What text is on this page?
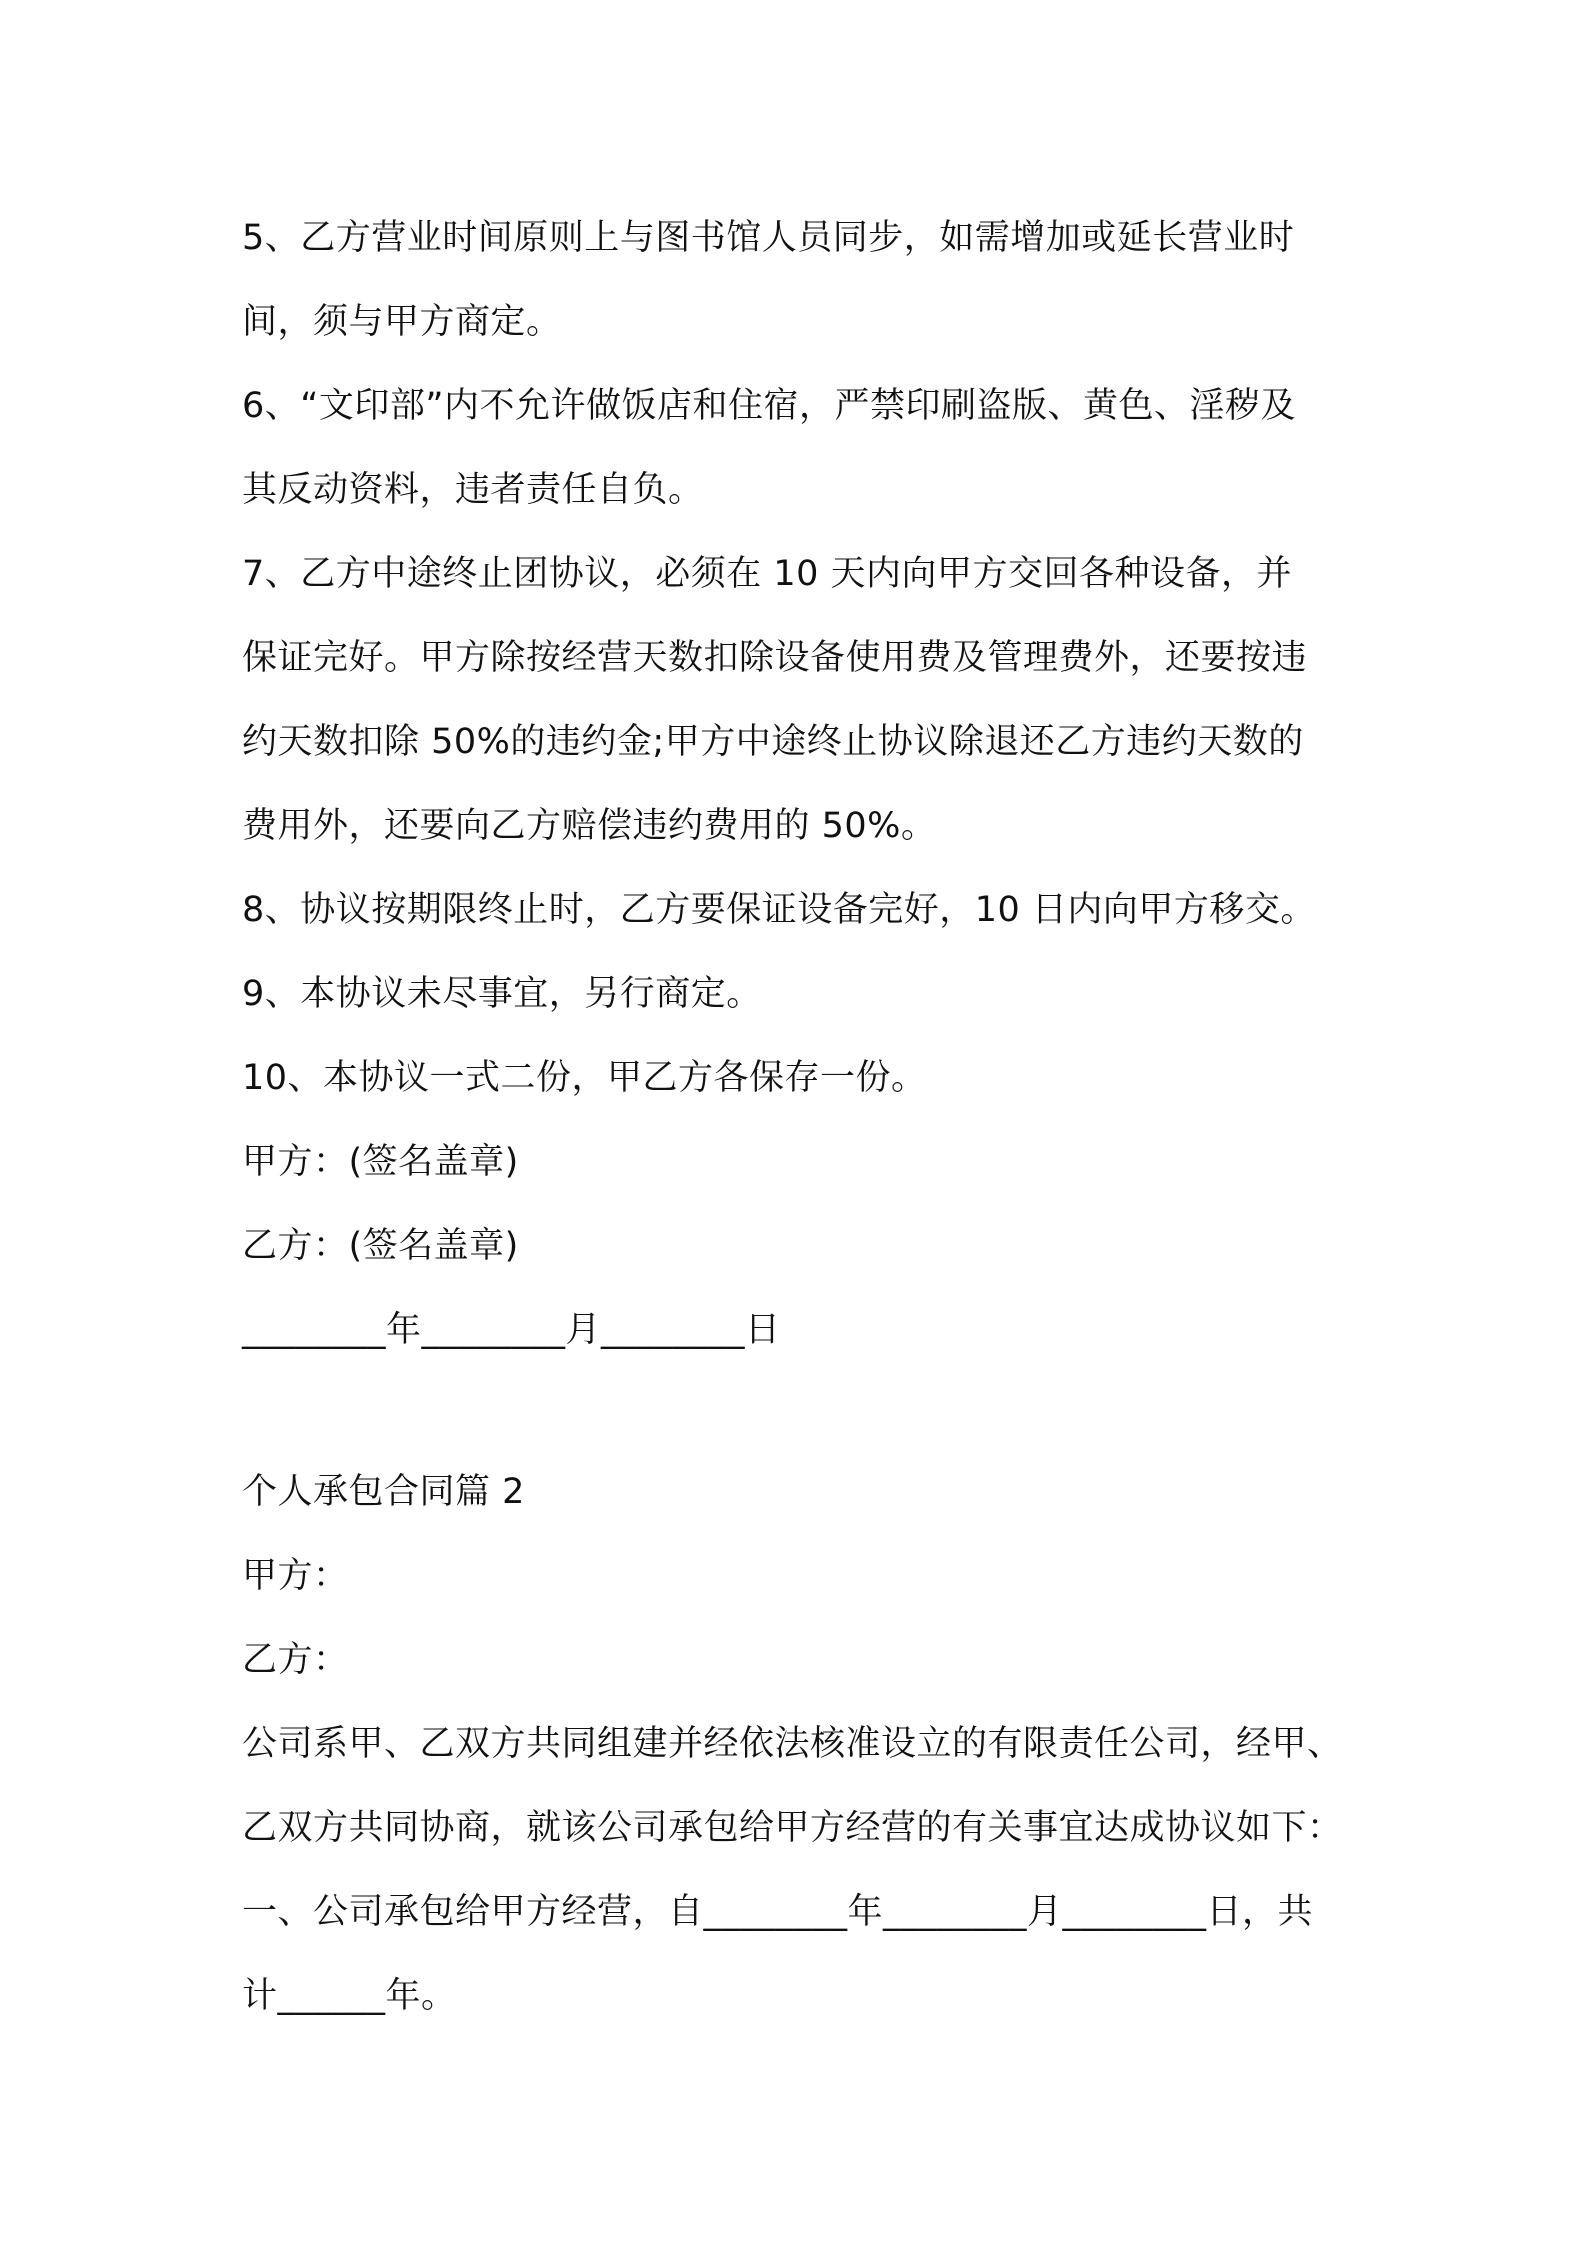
5、乙方营业时间原则上与图书馆人员同步，如需增加或延长营业时
间，须与甲方商定。
6、“文印部”内不允许做饭店和住宿，严禁印刷盗版、黄色、淫秽及
其反动资料，违者责任自负。
7、乙方中途终止团协议，必须在 10 天内向甲方交回各种设备，并
保证完好。甲方除按经营天数扣除设备使用费及管理费外，还要按违
约天数扣除 50%的违约金;甲方中途终止协议除退还乙方违约天数的
费用外，还要向乙方赔偿违约费用的 50%。
8、协议按期限终止时，乙方要保证设备完好，10 日内向甲方移交。
9、本协议未尽事宜，另行商定。
10、本协议一式二份，甲乙方各保存一份。
甲方：(签名盖章)
乙方：(签名盖章)
________年________月________日
个人承包合同篇 2
甲方：
乙方：
公司系甲、乙双方共同组建并经依法核准设立的有限责任公司，经甲、
乙双方共同协商，就该公司承包给甲方经营的有关事宜达成协议如下：
一、公司承包给甲方经营，自________年________月________日，共
计______年。
